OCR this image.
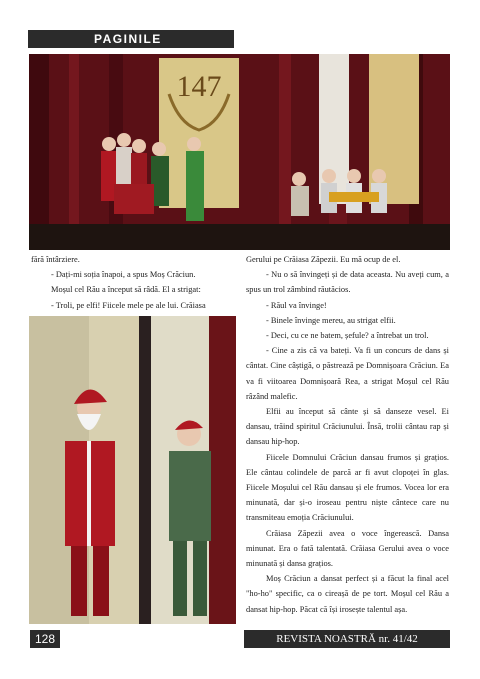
PAGINILE
147

fără întârziere.

- Dați-mi soția înapoi, a spus Moș Crăciun.

Moșul cel Rău a început să râdă. El a strigat:

- Troli, pe elfi! Fiicele mele pe ale lui. Crăiasa

Gerului pe Crăiasa Zăpezii. Eu mă ocup de el.

- Nu o să învingeți și de data aceasta. Nu aveți cum, a spus un trol zâmbind răutăcios.

- Răul va învinge!

- Binele învinge mereu, au strigat elfii.

- Deci, cu ce ne batem, șefule? a întrebat un trol.

- Cine a zis că va bateți. Va fi un concurs de dans și cântat. Cine câștigă, o păstrează pe Domnișoara Crăciun. Ea va fi viitoarea Domnișoară Rea, a strigat Moșul cel Rău râzând malefic.

Elfii au început să cânte și să danseze vesel. Ei dansau, trăind spiritul Crăciunului. Însă, trolii cântau rap și dansau hip-hop.

Fiicele Domnului Crăciun dansau frumos și grațios. Ele cântau colindele de parcă ar fi avut clopoței în glas. Fiicele Moșului cel Rău dansau și ele frumos. Vocea lor era minunată, dar și-o iroseau pentru niște cântece care nu transmiteau emoția Crăciunului.

Crăiasa Zăpezii avea o voce îngerească. Dansa minunat. Era o fată talentată. Crăiasa Gerului avea o voce minunată și dansa grațios.

Moș Crăciun a dansat perfect și a făcut la final acel "ho-ho" specific, ca o cireașă de pe tort. Moșul cel Rău a dansat hip-hop. Păcat că își irosește talentul așa.

128	REVISTA NOASTRĂ nr. 41/42
